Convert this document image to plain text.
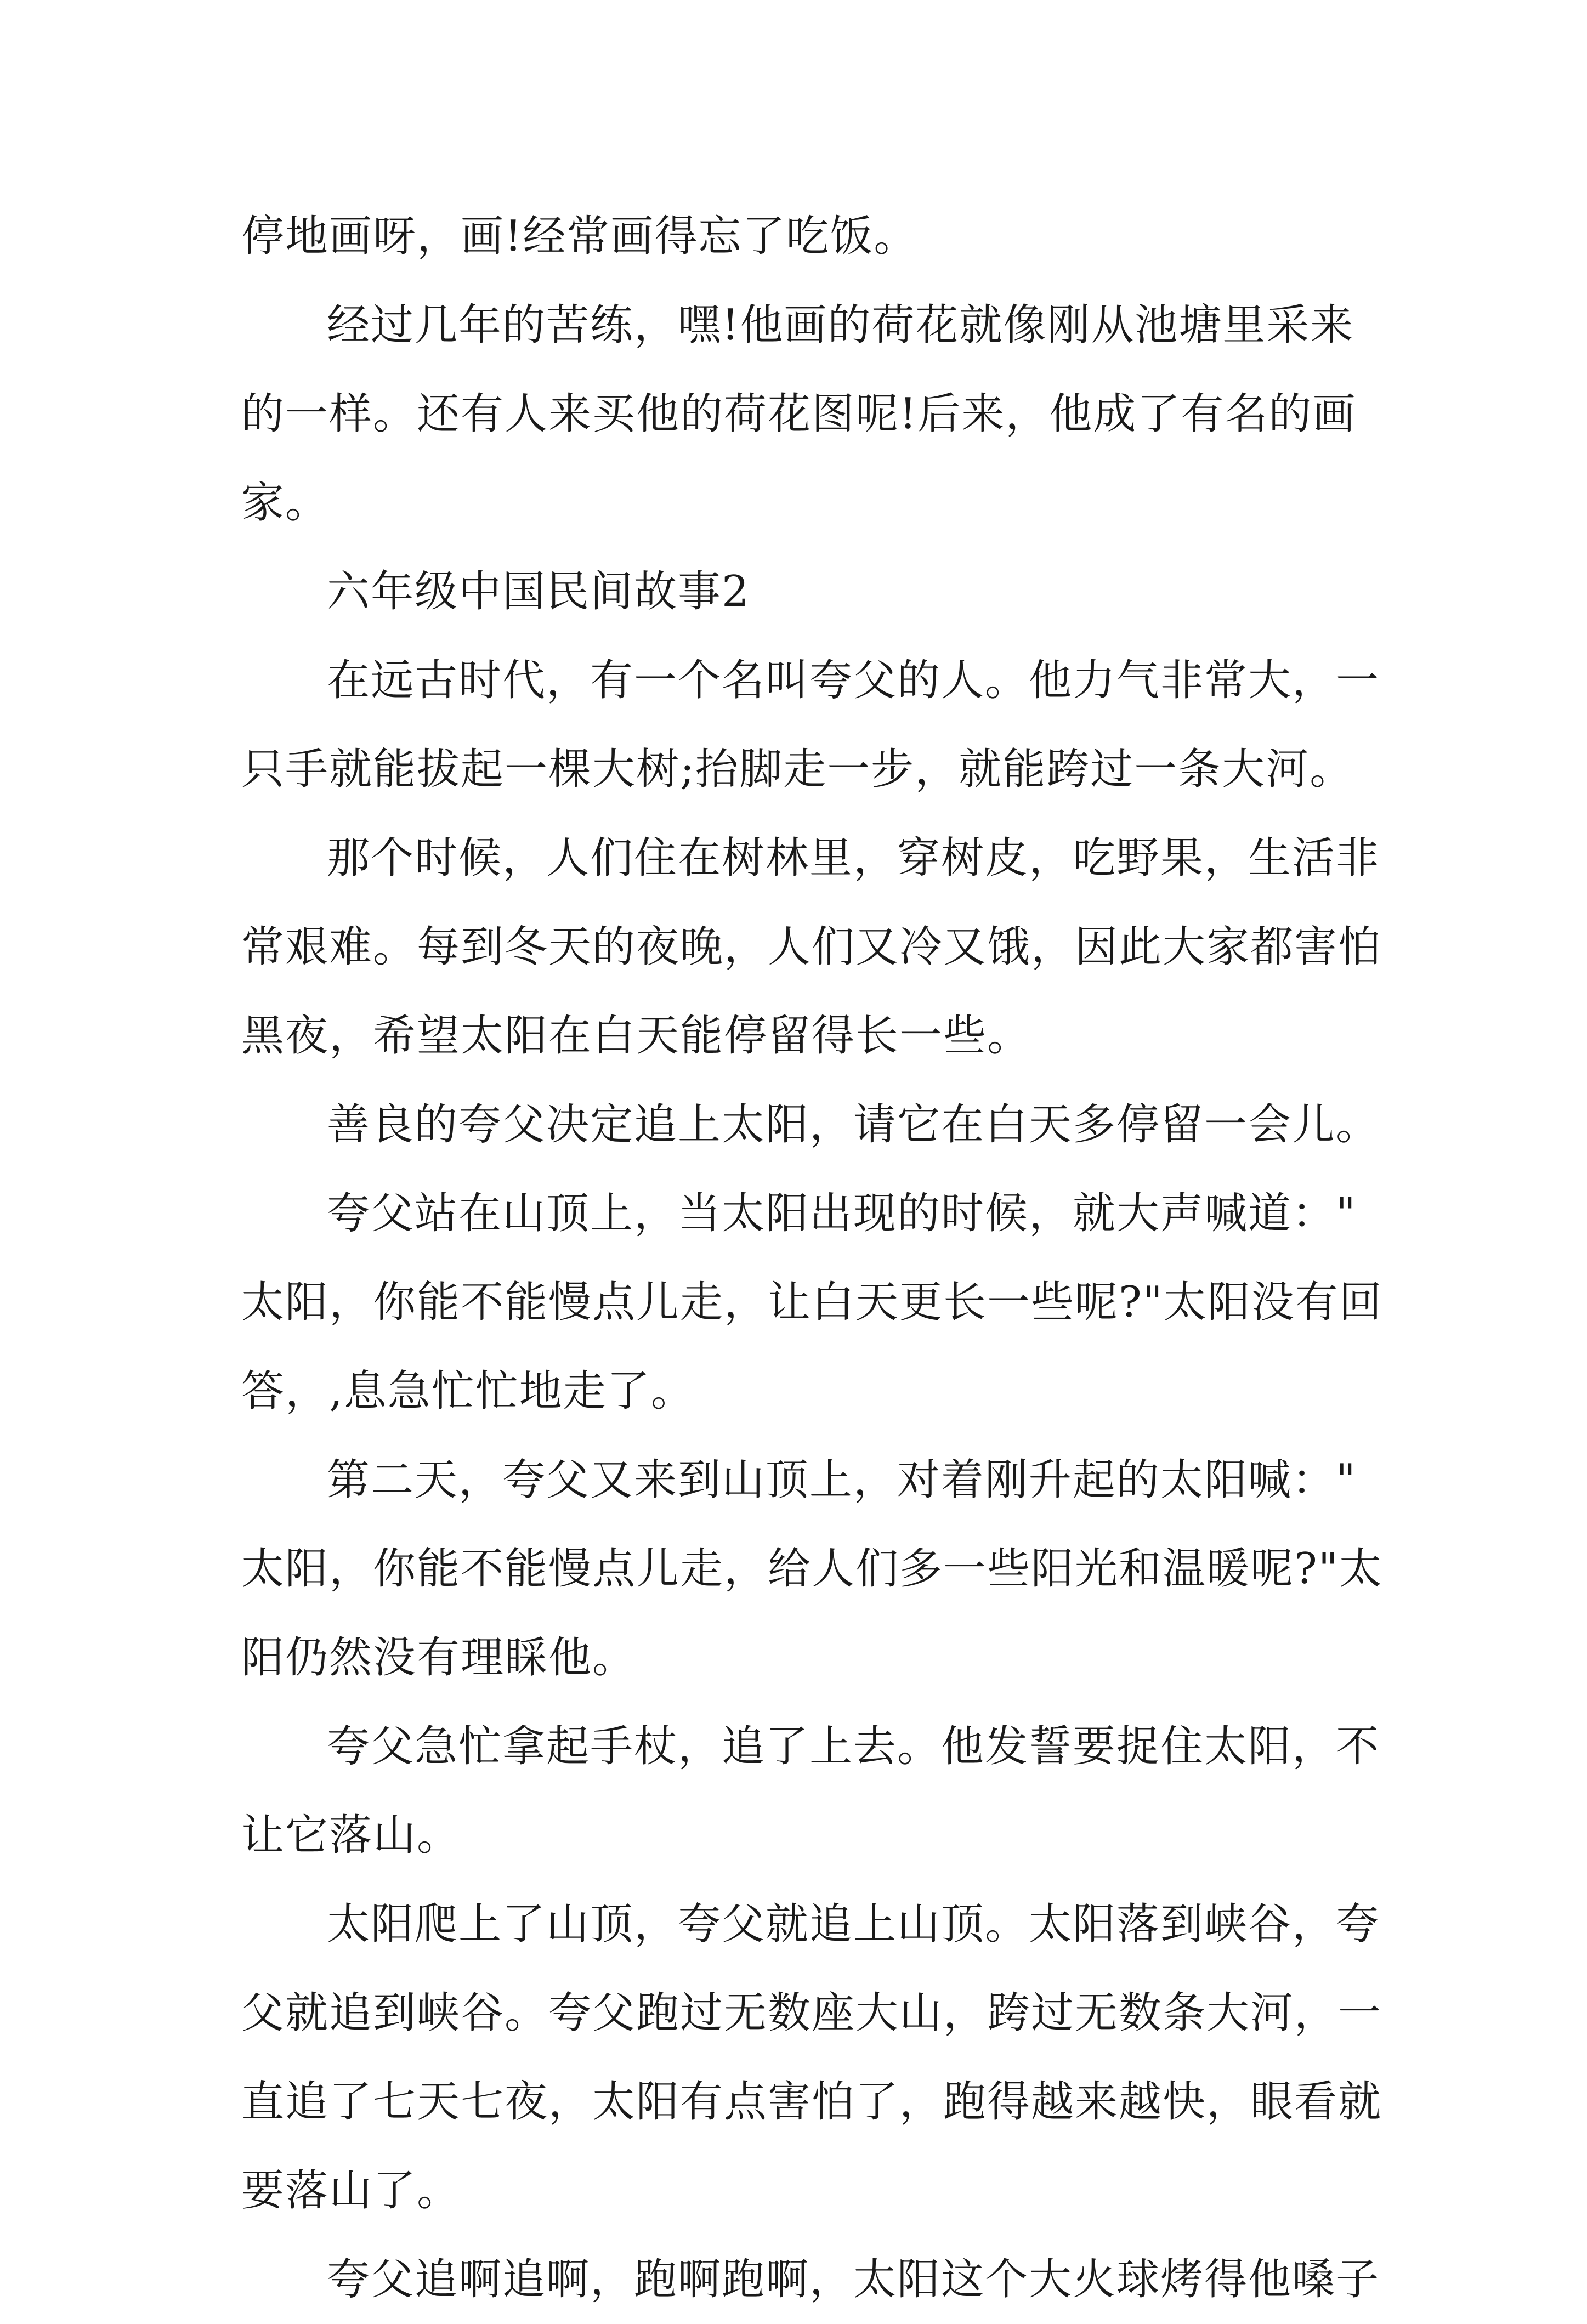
停地画呀，画!经常画得忘了吃饭。
经过几年的苦练，嘿!他画的荷花就像刚从池塘里采来
的一样。还有人来买他的荷花图呢!后来，他成了有名的画
家。
六年级中国民间故事2
在远古时代，有一个名叫夸父的人。他力气非常大，一
只手就能拔起一棵大树;抬脚走一步，就能跨过一条大河。
那个时候，人们住在树林里，穿树皮，吃野果，生活非
常艰难。每到冬天的夜晚，人们又冷又饿，因此大家都害怕
黑夜，希望太阳在白天能停留得长一些。
善良的夸父决定追上太阳，请它在白天多停留一会儿。
夸父站在山顶上，当太阳出现的时候，就大声喊道："
太阳，你能不能慢点儿走，让白天更长一些呢?"太阳没有回
答，,息急忙忙地走了。
第二天，夸父又来到山顶上，对着刚升起的太阳喊："
太阳，你能不能慢点儿走，给人们多一些阳光和温暖呢?"太
阳仍然没有理睬他。
夸父急忙拿起手杖，追了上去。他发誓要捉住太阳，不
让它落山。
太阳爬上了山顶，夸父就追上山顶。太阳落到峡谷，夸
父就追到峡谷。夸父跑过无数座大山，跨过无数条大河，一
直追了七天七夜，太阳有点害怕了，跑得越来越快，眼看就
要落山了。
夸父追啊追啊，跑啊跑啊，太阳这个大火球烤得他嗓子
